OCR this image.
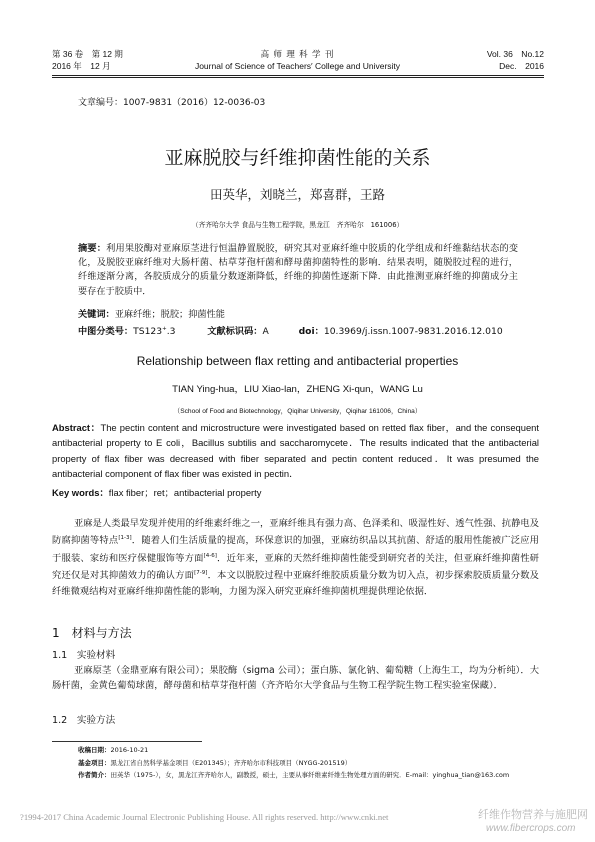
第 36 卷　第 12 期
2016 年　12 月
高 师 理 科 学 刊
Journal of Science of Teachers′ College and University
Vol. 36　No.12
Dec.　2016
文章编号：1007-9831（2016）12-0036-03
亚麻脱胶与纤维抑菌性能的关系
田英华，刘晓兰，郑喜群，王路
（齐齐哈尔大学 食品与生物工程学院，黑龙江　齐齐哈尔　161006）
摘要：利用果胶酶对亚麻原茎进行恒温静置脱胶，研究其对亚麻纤维中胶质的化学组成和纤维黏结状态的变化，及脱胶亚麻纤维对大肠杆菌、枯草芽孢杆菌和酵母菌抑菌特性的影响．结果表明，随脱胶过程的进行，纤维逐渐分离，各胶质成分的质量分数逐渐降低，纤维的抑菌性逐渐下降．由此推测亚麻纤维的抑菌成分主要存在于胶质中．
关键词：亚麻纤维；脱胶；抑菌性能
中图分类号：TS123+.3	文献标识码：A	doi：10.3969/j.issn.1007-9831.2016.12.010
Relationship between flax retting and antibacterial properties
TIAN Ying-hua，LIU Xiao-lan，ZHENG Xi-qun，WANG Lu
（School of Food and Biotechnology，Qiqihar University，Qiqihar 161006，China）
Abstract：The pectin content and microstructure were investigated based on retted flax fiber，and the consequent antibacterial property to E coli，Bacillus subtilis and saccharomycete．The results indicated that the antibacterial property of flax fiber was decreased with fiber separated and pectin content reduced．It was presumed the antibacterial component of flax fiber was existed in pectin．
Key words：flax fiber；ret；antibacterial property
亚麻是人类最早发现并使用的纤维素纤维之一，亚麻纤维具有强力高、色泽柔和、吸湿性好、透气性强、抗静电及防腐抑菌等特点[1-3]．随着人们生活质量的提高，环保意识的加强，亚麻纺织品以其抗菌、舒适的服用性能被广泛应用于服装、家纺和医疗保健服饰等方面[4-6]．近年来，亚麻的天然纤维抑菌性能受到研究者的关注，但亚麻纤维抑菌性研究还仅是对其抑菌效力的确认方面[7-9]．本文以脱胶过程中亚麻纤维胶质质量分数为切入点，初步探索胶质质量分数及纤维微观结构对亚麻纤维抑菌性能的影响，力图为深入研究亚麻纤维抑菌机理提供理论依据．
1　材料与方法
1.1　实验材料
亚麻原茎（金鼎亚麻有限公司）；果胶酶（sigma 公司）；蛋白胨、氯化钠、葡萄糖（上海生工，均为分析纯）．大肠杆菌，金黄色葡萄球菌，酵母菌和枯草芽孢杆菌（齐齐哈尔大学食品与生物工程学院生物工程实验室保藏）．
1.2　实验方法
收稿日期：2016-10-21
基金项目：黑龙江省自然科学基金项目（E201345）；齐齐哈尔市科技项目（NYGG-201519）
作者简介：田英华（1975-），女，黑龙江齐齐哈尔人，副教授，硕士，主要从事纤维素纤维生物处理方面的研究．E-mail：yinghua_tian@163.com
?1994-2017 China Academic Journal Electronic Publishing House. All rights reserved. http://www.cnki.net	纤维作物营养与施肥网
www.fibercrops.com
